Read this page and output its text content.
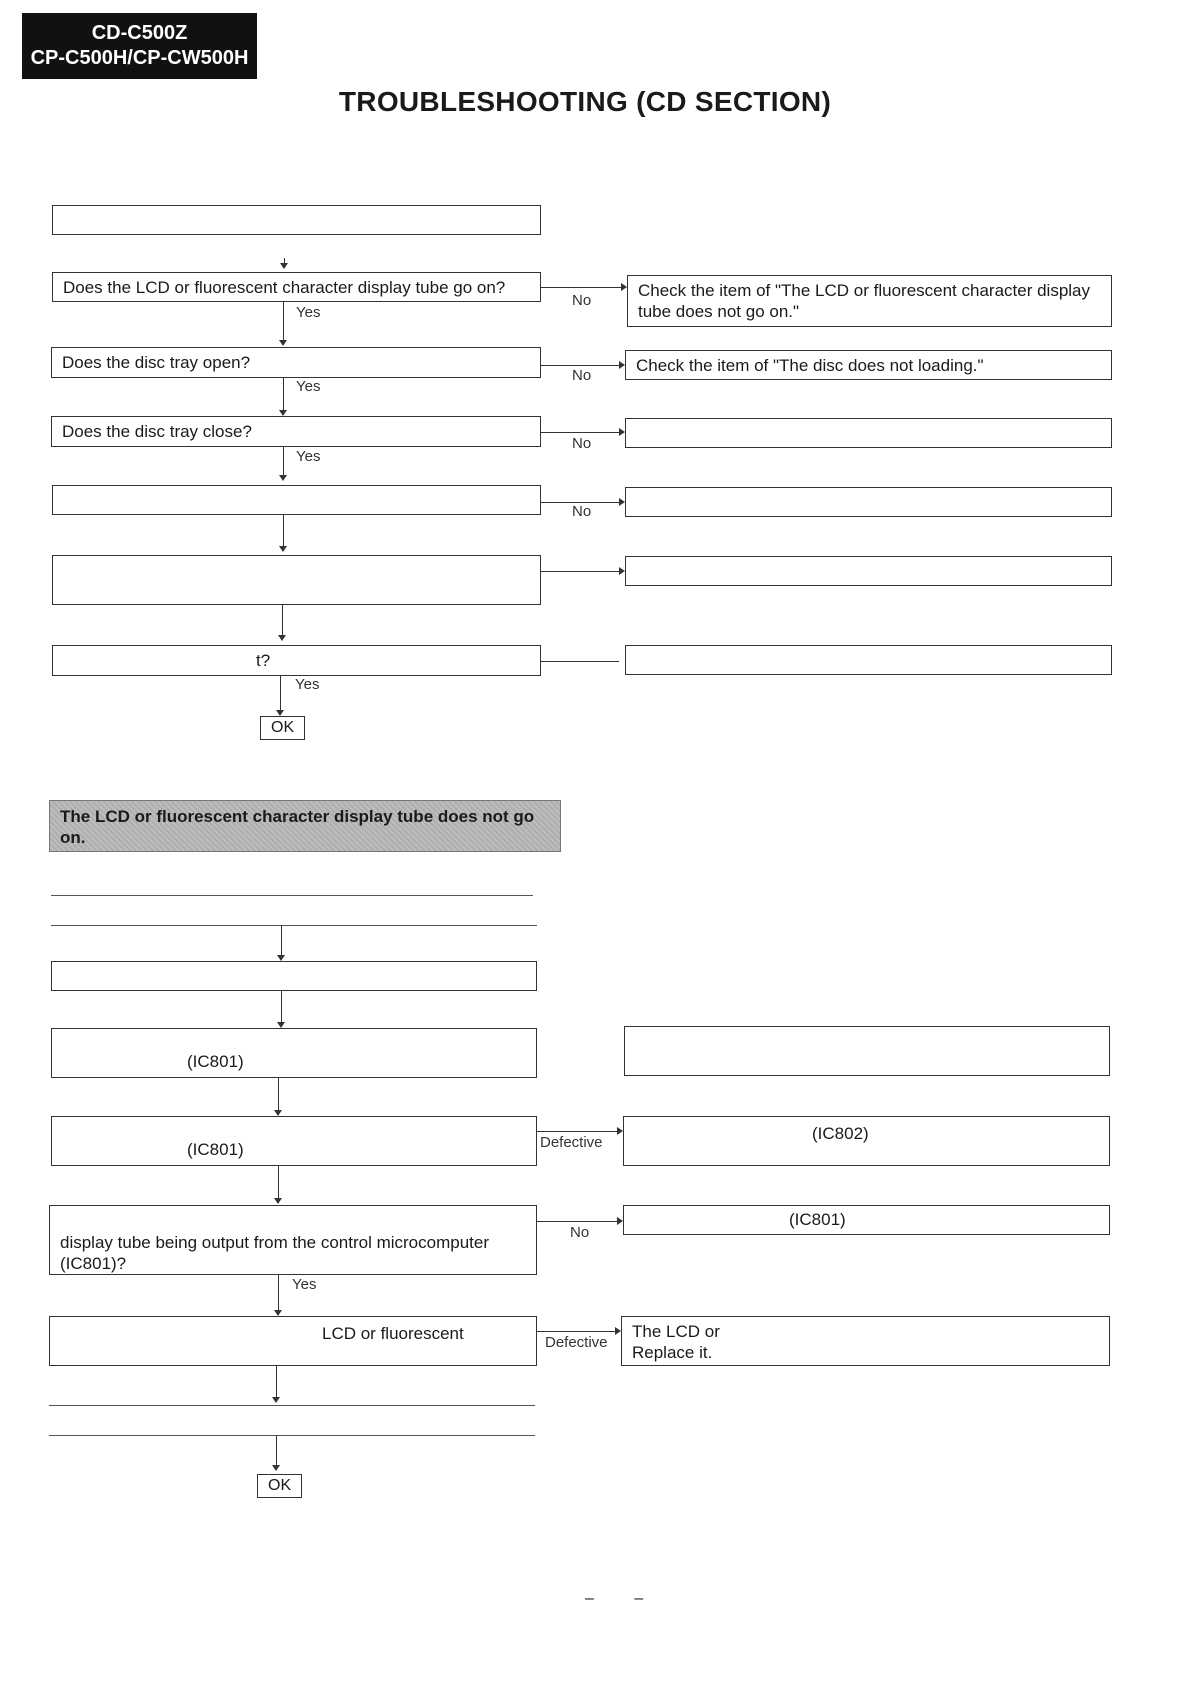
CD-C500Z
CP-C500H/CP-CW500H
TROUBLESHOOTING (CD SECTION)
Does the LCD or fluorescent character display tube go on?
No
Check the item of "The LCD or fluorescent character display tube does not go on."
Yes
Does the disc tray open?
No
Check the item of "The disc does not loading."
Yes
Does the disc tray close?
No
Yes
No
t?
Yes
OK
The LCD or fluorescent character display tube does not go on.
(IC801)
(IC801)	Defective	(IC802)
display tube being output from the control microcomputer (IC801)?
No
(IC801)
Yes
LCD or fluorescent	Defective
The LCD or
Replace it.
OK
– –
